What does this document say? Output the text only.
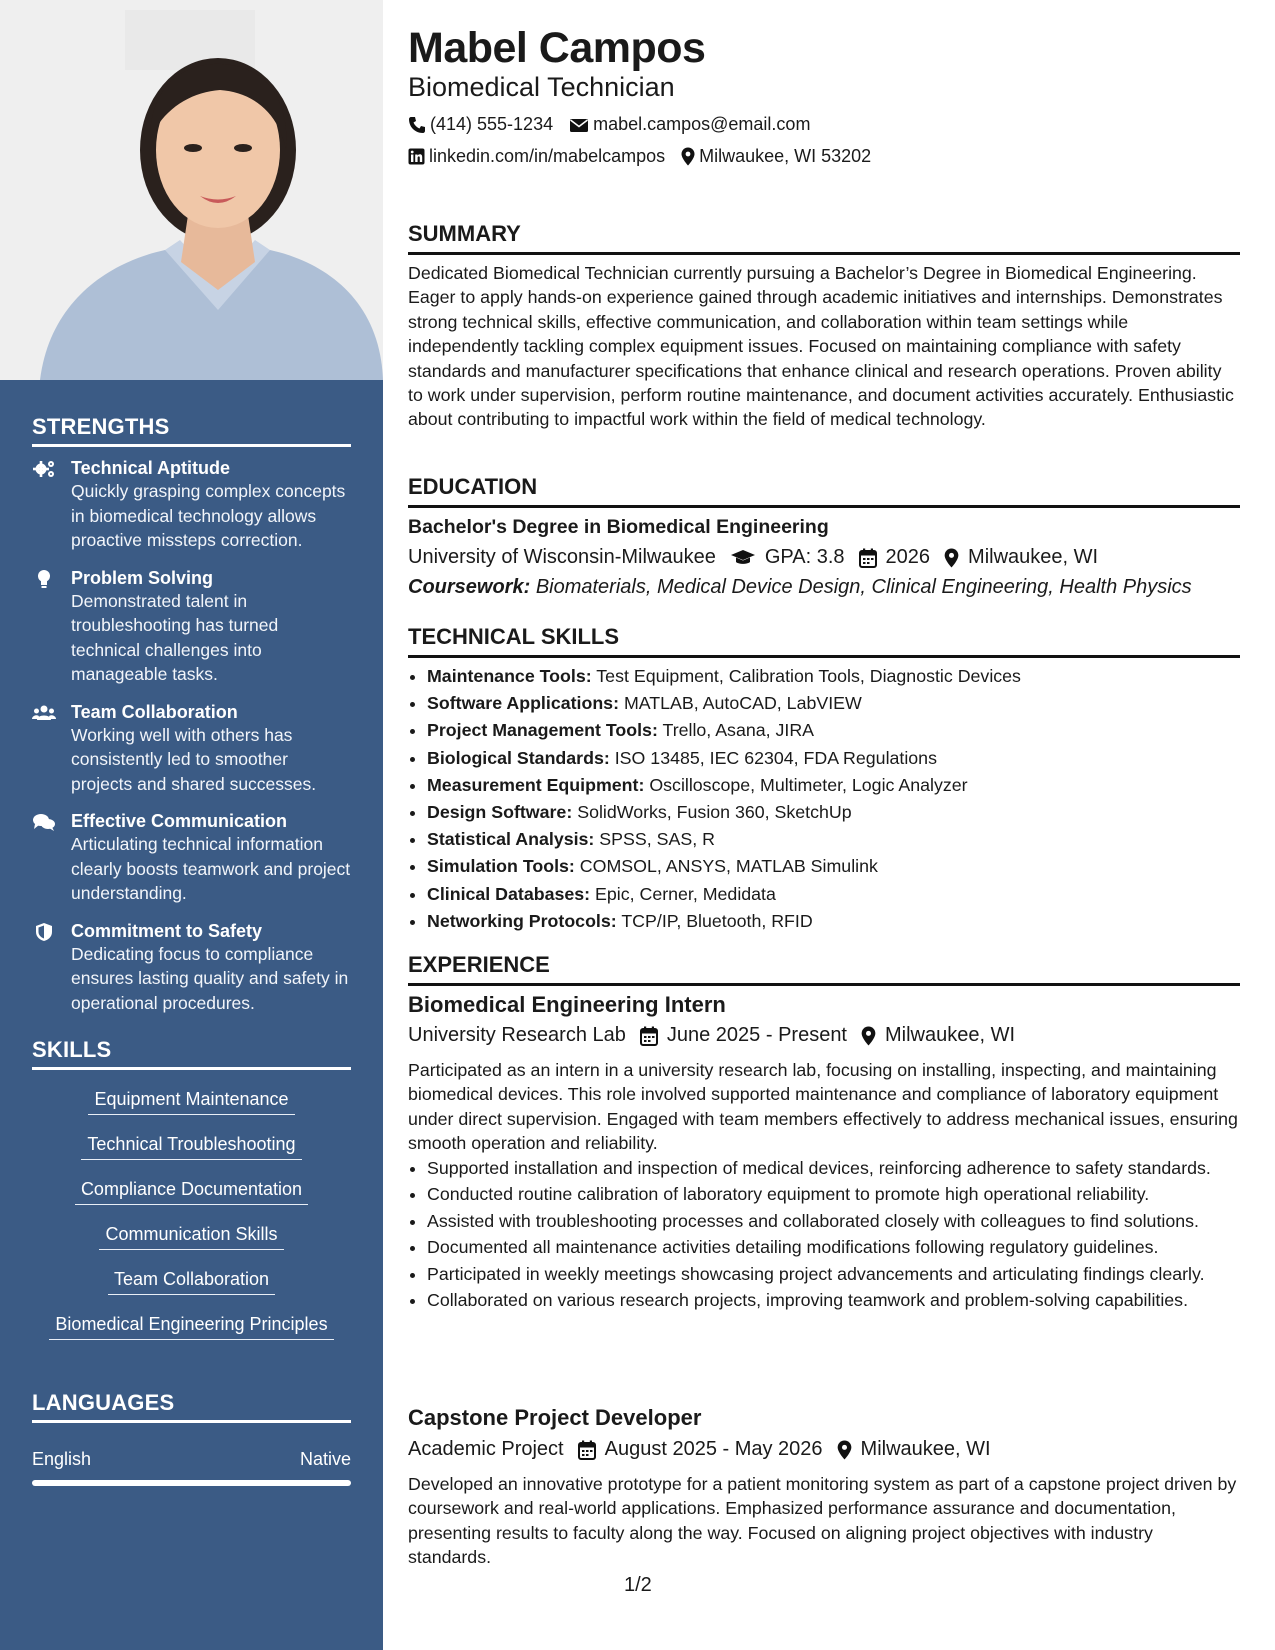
STRENGTHS
Technical Aptitude
Quickly grasping complex concepts in biomedical technology allows proactive missteps correction.
Problem Solving
Demonstrated talent in troubleshooting has turned technical challenges into manageable tasks.
Team Collaboration
Working well with others has consistently led to smoother projects and shared successes.
Effective Communication
Articulating technical information clearly boosts teamwork and project understanding.
Commitment to Safety
Dedicating focus to compliance ensures lasting quality and safety in operational procedures.
SKILLS
Equipment Maintenance
Technical Troubleshooting
Compliance Documentation
Communication Skills
Team Collaboration
Biomedical Engineering Principles
LANGUAGES
English	Native
Mabel Campos
Biomedical Technician
(414) 555-1234 mabel.campos@email.com
linkedin.com/in/mabelcampos Milwaukee, WI 53202
SUMMARY
Dedicated Biomedical Technician currently pursuing a Bachelor’s Degree in Biomedical Engineering. Eager to apply hands-on experience gained through academic initiatives and internships. Demonstrates strong technical skills, effective communication, and collaboration within team settings while independently tackling complex equipment issues. Focused on maintaining compliance with safety standards and manufacturer specifications that enhance clinical and research operations. Proven ability to work under supervision, perform routine maintenance, and document activities accurately. Enthusiastic about contributing to impactful work within the field of medical technology.
EDUCATION
Bachelor's Degree in Biomedical Engineering
University of Wisconsin-Milwaukee GPA: 3.8 2026 Milwaukee, WI
Coursework: Biomaterials, Medical Device Design, Clinical Engineering, Health Physics
TECHNICAL SKILLS
• Maintenance Tools: Test Equipment, Calibration Tools, Diagnostic Devices
• Software Applications: MATLAB, AutoCAD, LabVIEW
• Project Management Tools: Trello, Asana, JIRA
• Biological Standards: ISO 13485, IEC 62304, FDA Regulations
• Measurement Equipment: Oscilloscope, Multimeter, Logic Analyzer
• Design Software: SolidWorks, Fusion 360, SketchUp
• Statistical Analysis: SPSS, SAS, R
• Simulation Tools: COMSOL, ANSYS, MATLAB Simulink
• Clinical Databases: Epic, Cerner, Medidata
• Networking Protocols: TCP/IP, Bluetooth, RFID
EXPERIENCE
Biomedical Engineering Intern
University Research Lab June 2025 - Present Milwaukee, WI
Participated as an intern in a university research lab, focusing on installing, inspecting, and maintaining biomedical devices. This role involved supported maintenance and compliance of laboratory equipment under direct supervision. Engaged with team members effectively to address mechanical issues, ensuring smooth operation and reliability.
• Supported installation and inspection of medical devices, reinforcing adherence to safety standards.
• Conducted routine calibration of laboratory equipment to promote high operational reliability.
• Assisted with troubleshooting processes and collaborated closely with colleagues to find solutions.
• Documented all maintenance activities detailing modifications following regulatory guidelines.
• Participated in weekly meetings showcasing project advancements and articulating findings clearly.
• Collaborated on various research projects, improving teamwork and problem-solving capabilities.
Capstone Project Developer
Academic Project August 2025 - May 2026 Milwaukee, WI
Developed an innovative prototype for a patient monitoring system as part of a capstone project driven by coursework and real-world applications. Emphasized performance assurance and documentation, presenting results to faculty along the way. Focused on aligning project objectives with industry standards.
1/2
